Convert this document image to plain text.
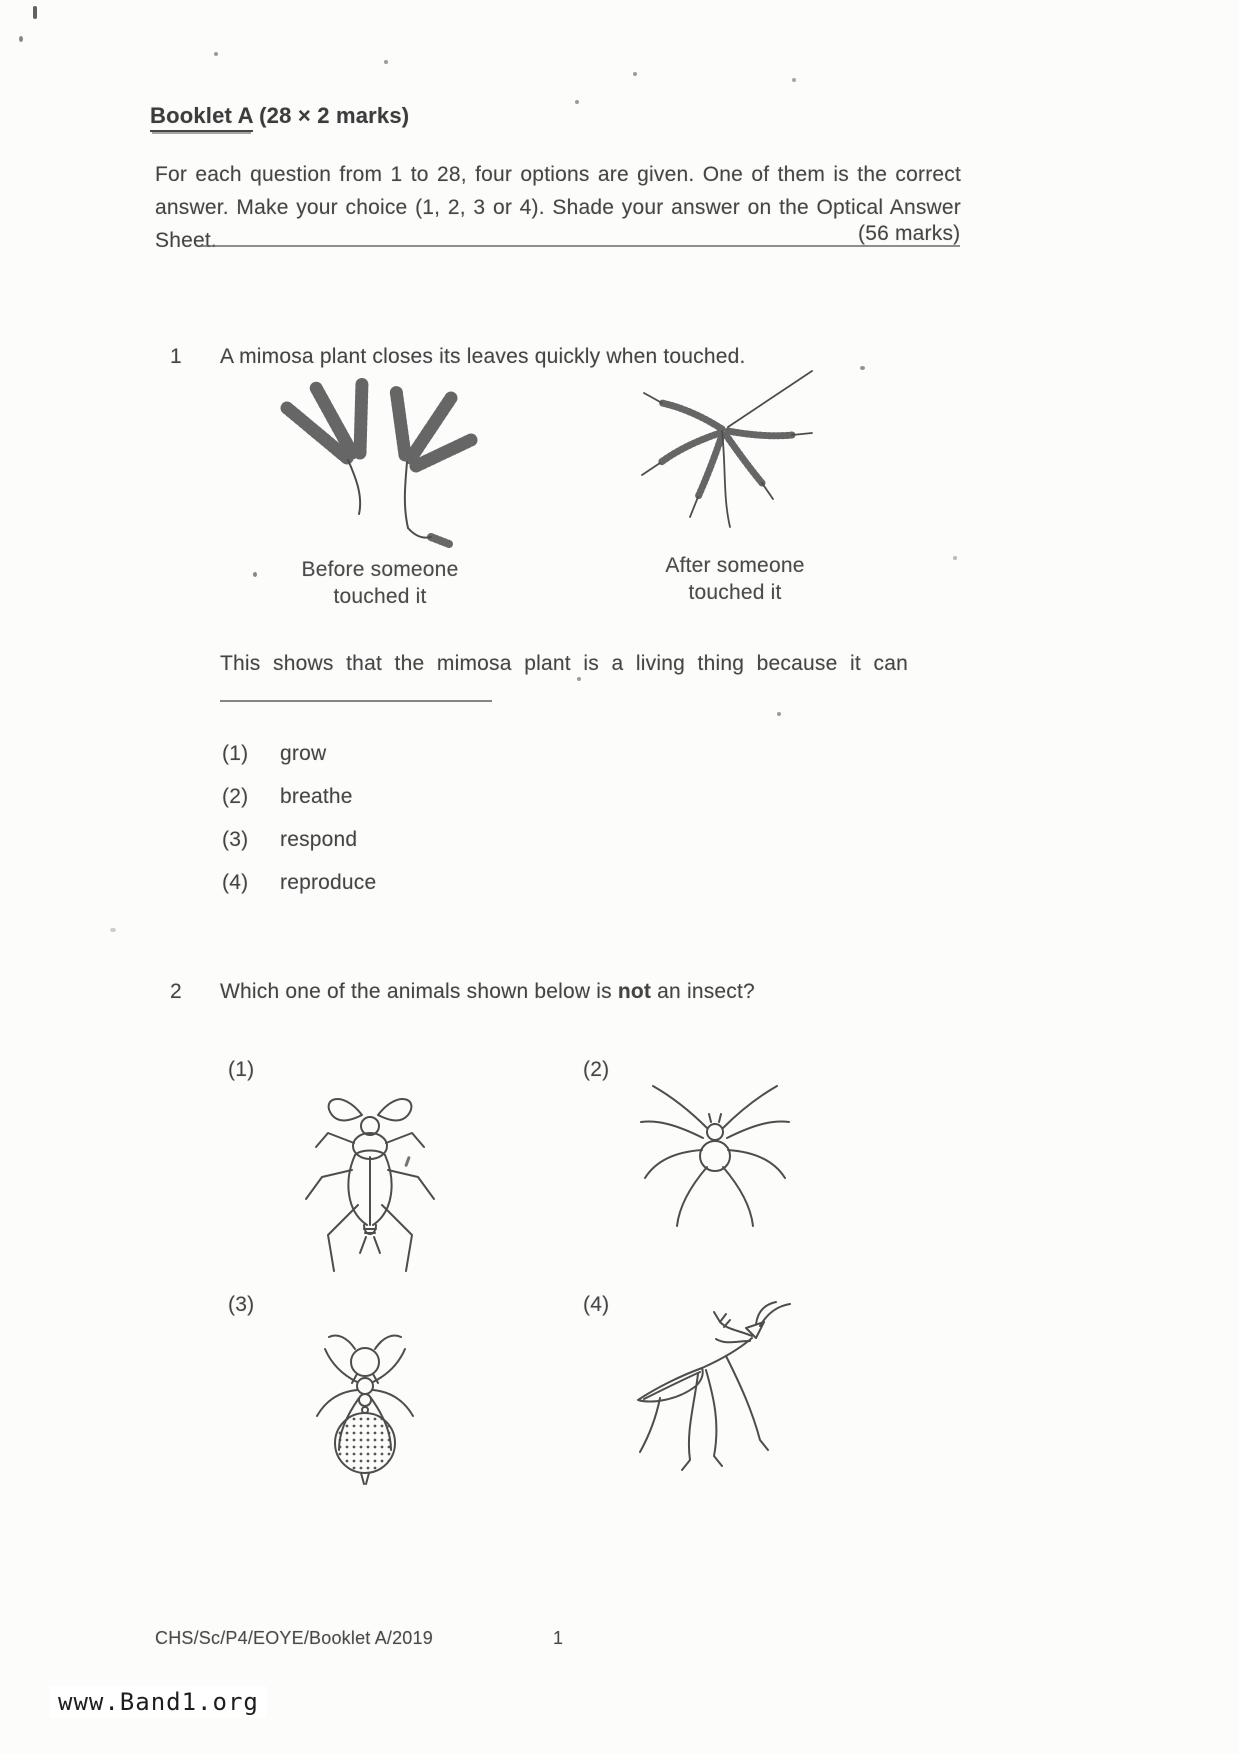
Booklet A (28 × 2 marks)
For each question from 1 to 28, four options are given. One of them is the correct answer. Make your choice (1, 2, 3 or 4). Shade your answer on the Optical Answer Sheet.	(56 marks)
1 A mimosa plant closes its leaves quickly when touched.
Before someone touched it
After someone touched it
This shows that the mimosa plant is a living thing because it can
(1) grow
(2) breathe
(3) respond
(4) reproduce
2 Which one of the animals shown below is not an insect?
(1)	(2)
(3)	(4)
CHS/Sc/P4/EOYE/Booklet A/2019	1
www.Band1.org
